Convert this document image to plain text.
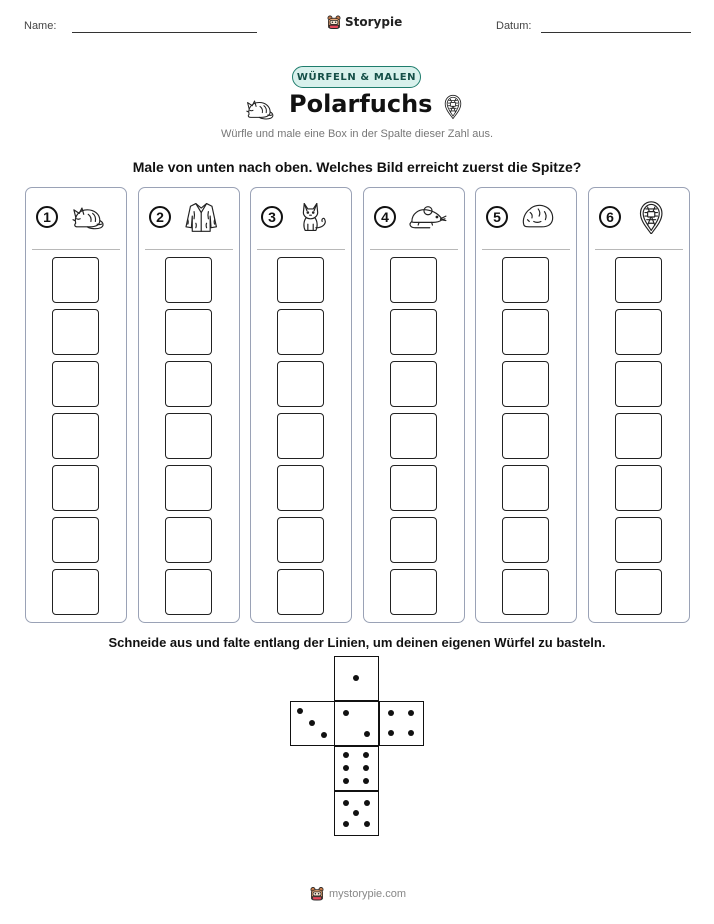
Name:	Storypie	Datum:
WÜRFELN & MALEN
Polarfuchs
Würfle und male eine Box in der Spalte dieser Zahl aus.
Male von unten nach oben. Welches Bild erreicht zuerst die Spitze?
1	2	3	4	5	6
Schneide aus und falte entlang der Linien, um deinen eigenen Würfel zu basteln.
mystorypie.com
